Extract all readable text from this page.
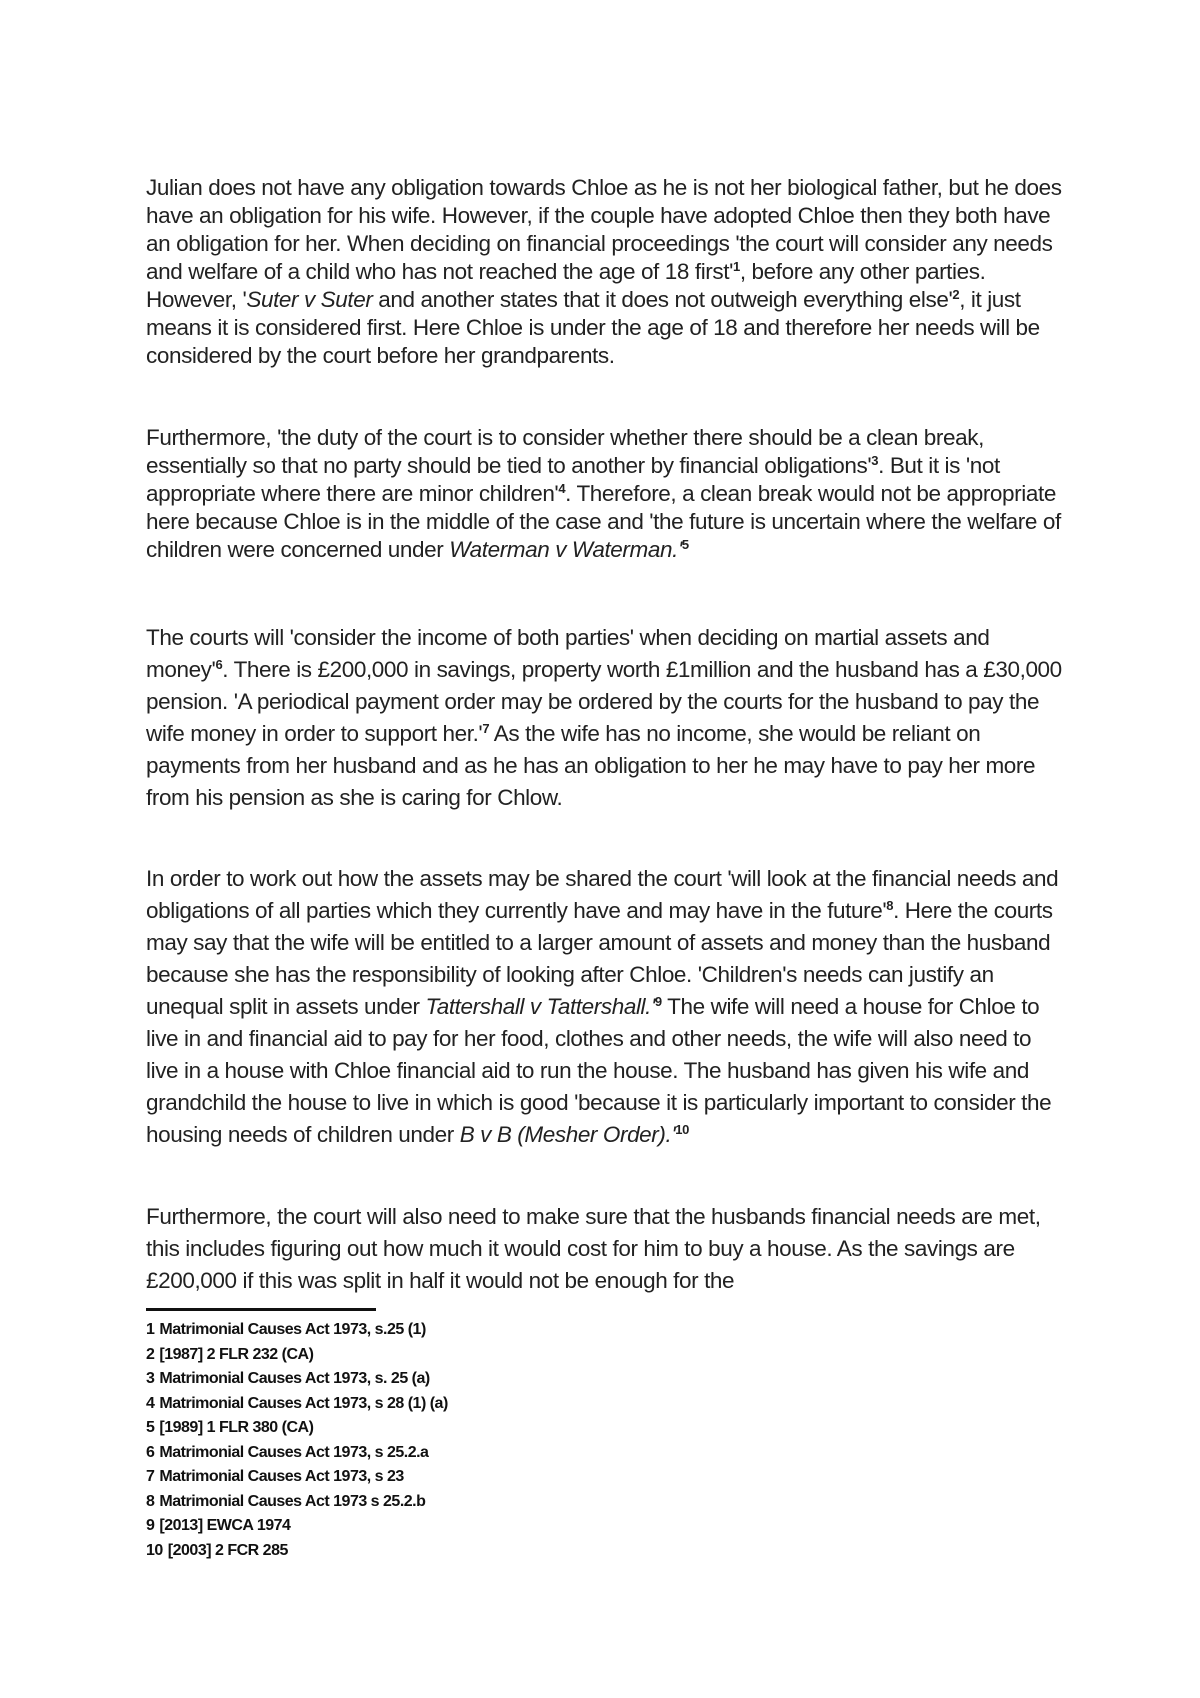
Julian does not have any obligation towards Chloe as he is not her biological father, but he does have an obligation for his wife. However, if the couple have adopted Chloe then they both have an obligation for her. When deciding on financial proceedings 'the court will consider any needs and welfare of a child who has not reached the age of 18 $first'^1$, before any other parties. However, 'Suter v Suter and another states that it does not outweigh everything $else'^2$, it just means it is considered first. Here Chloe is under the age of 18 and therefore her needs will be considered by the court before her grandparents.

Furthermore, 'the duty of the court is to consider whether there should be a clean break, essentially so that no party should be tied to another by financial $obligations'^3$. But it is 'not appropriate where there are minor $children'^4$. Therefore, a clean break would not be appropriate here because Chloe is in the middle of the case and 'the future is uncertain where the welfare of children were concerned under Waterman v $Waterman.'^5$

The courts will 'consider the income of both parties' when deciding on martial assets and $money'^6$. There is £200,000 in savings, property worth £1million and the husband has a £30,000 pension. 'A periodical payment order may be ordered by the courts for the husband to pay the wife money in order to support $her.'^7$ As the wife has no income, she would be reliant on payments from her husband and as he has an obligation to her he may have to pay her more from his pension as she is caring for Chlow.

In order to work out how the assets may be shared the court 'will look at the financial needs and obligations of all parties which they currently have and may have in the $future'^8$. Here the courts may say that the wife will be entitled to a larger amount of assets and money than the husband because she has the responsibility of looking after Chloe. 'Children's needs can justify an unequal split in assets under Tattershall v $Tattershall.'^9$ The wife will need a house for Chloe to live in and financial aid to pay for her food, clothes and other needs, the wife will also need to live in a house with Chloe financial aid to run the house. The husband has given his wife and grandchild the house to live in which is good 'because it is particularly important to consider the housing needs of children under B v B (Mesher $Order).'^{10}$

Furthermore, the court will also need to make sure that the husbands financial needs are met, this includes figuring out how much it would cost for him to buy a house. As the savings are £200,000 if this was split in half it would not be enough for the

1 Matrimonial Causes Act 1973, s.25 (1)
2 [1987] 2 FLR 232 (CA)
3 Matrimonial Causes Act 1973, s. 25 (a)
4 Matrimonial Causes Act 1973, s 28 (1) (a)
5 [1989] 1 FLR 380 (CA)
6 Matrimonial Causes Act 1973, s 25.2.a
7 Matrimonial Causes Act 1973, s 23
8 Matrimonial Causes Act 1973 s 25.2.b
9 [2013] EWCA 1974
10 [2003] 2 FCR 285
